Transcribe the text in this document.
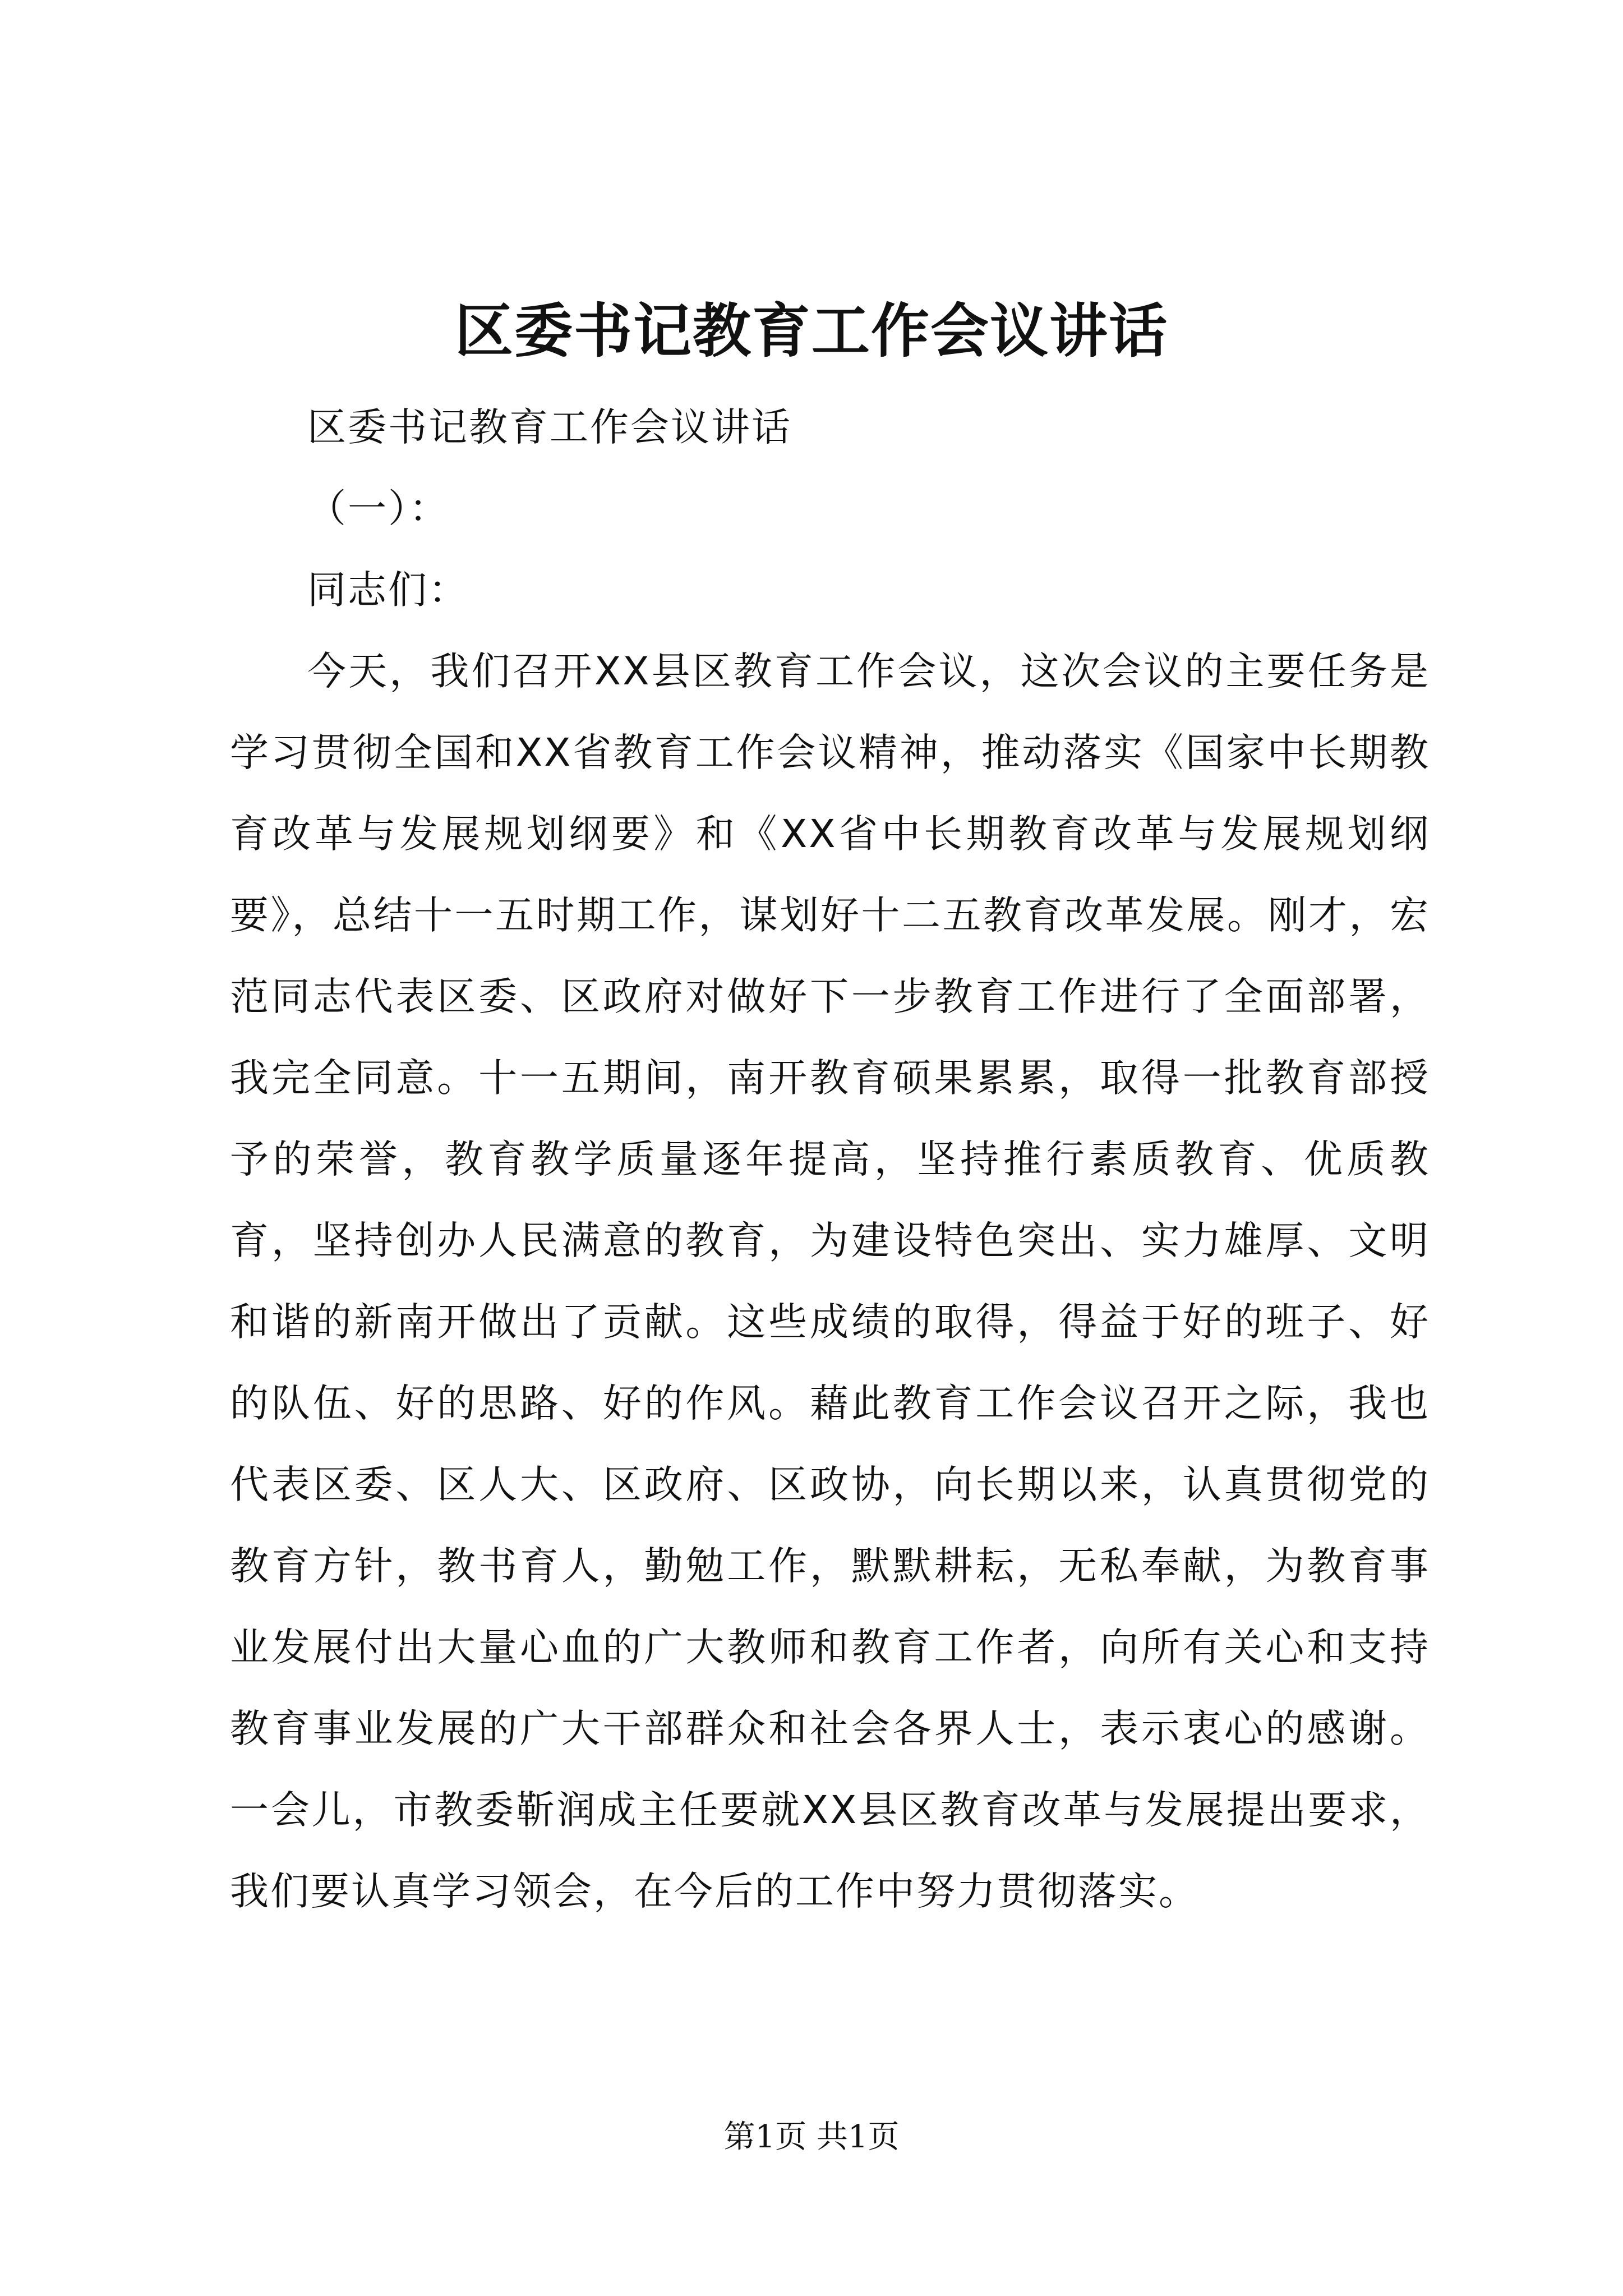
区委书记教育工作会议讲话

区委书记教育工作会议讲话

（一）：

同志们：

今天，我们召开XX县区教育工作会议，这次会议的主要任务是学习贯彻全国和XX省教育工作会议精神，推动落实《国家中长期教育改革与发展规划纲要》和《XX省中长期教育改革与发展规划纲要》，总结十一五时期工作，谋划好十二五教育改革发展。刚才，宏范同志代表区委、区政府对做好下一步教育工作进行了全面部署，我完全同意。十一五期间，南开教育硕果累累，取得一批教育部授予的荣誉，教育教学质量逐年提高，坚持推行素质教育、优质教育，坚持创办人民满意的教育，为建设特色突出、实力雄厚、文明和谐的新南开做出了贡献。这些成绩的取得，得益于好的班子、好的队伍、好的思路、好的作风。藉此教育工作会议召开之际，我也代表区委、区人大、区政府、区政协，向长期以来，认真贯彻党的教育方针，教书育人，勤勉工作，默默耕耘，无私奉献，为教育事业发展付出大量心血的广大教师和教育工作者，向所有关心和支持教育事业发展的广大干部群众和社会各界人士，表示衷心的感谢。一会儿，市教委靳润成主任要就XX县区教育改革与发展提出要求，我们要认真学习领会，在今后的工作中努力贯彻落实。

第1页 共1页
